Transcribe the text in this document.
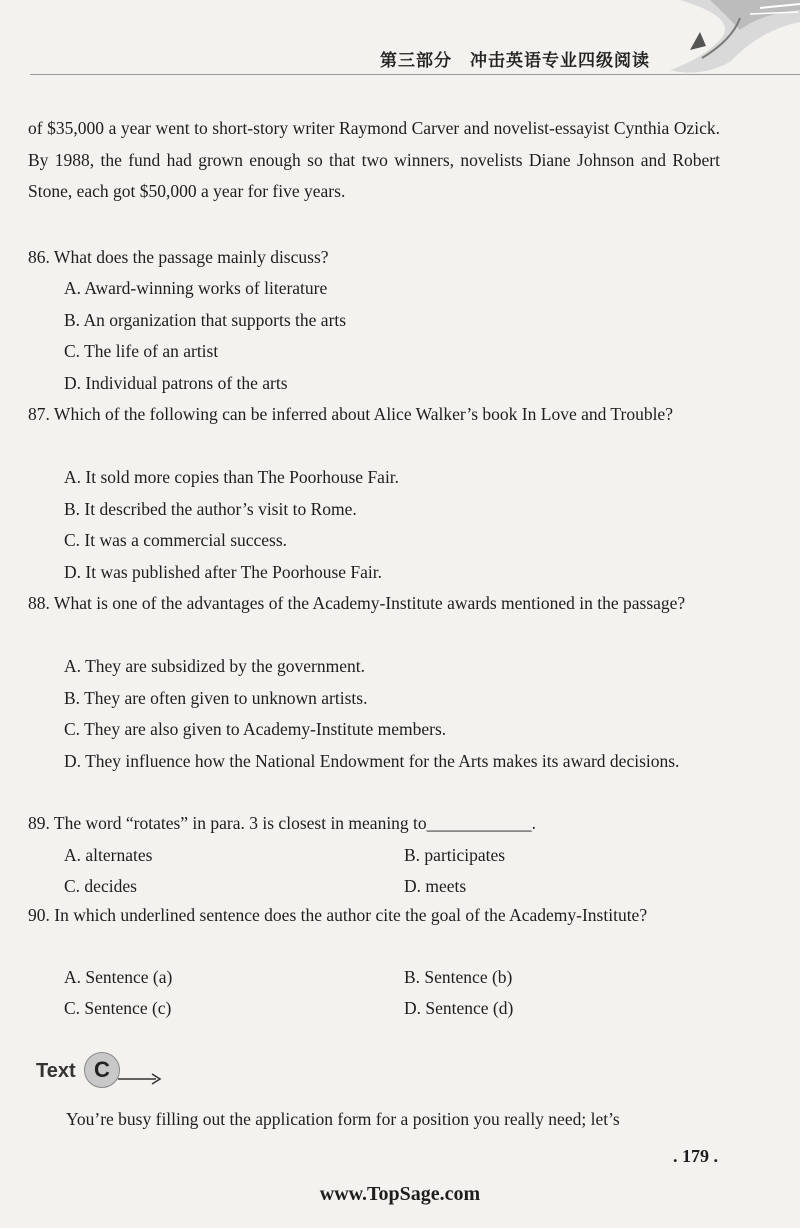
第三部分　冲击英语专业四级阅读
of $35,000 a year went to short-story writer Raymond Carver and novelist-essayist Cynthia Ozick. By 1988, the fund had grown enough so that two winners, novelists Diane Johnson and Robert Stone, each got $50,000 a year for five years.
86. What does the passage mainly discuss?
A. Award-winning works of literature
B. An organization that supports the arts
C. The life of an artist
D. Individual patrons of the arts
87. Which of the following can be inferred about Alice Walker’s book In Love and Trouble?
A. It sold more copies than The Poorhouse Fair.
B. It described the author’s visit to Rome.
C. It was a commercial success.
D. It was published after The Poorhouse Fair.
88. What is one of the advantages of the Academy-Institute awards mentioned in the passage?
A. They are subsidized by the government.
B. They are often given to unknown artists.
C. They are also given to Academy-Institute members.
D. They influence how the National Endowment for the Arts makes its award decisions.
89. The word “rotates” in para. 3 is closest in meaning to____________.
A. alternates	B. participates
C. decides	D. meets
90. In which underlined sentence does the author cite the goal of the Academy-Institute?
A. Sentence (a)	B. Sentence (b)
C. Sentence (c)	D. Sentence (d)
Text C
You’re busy filling out the application form for a position you really need; let’s
. 179 .
www.TopSage.com
